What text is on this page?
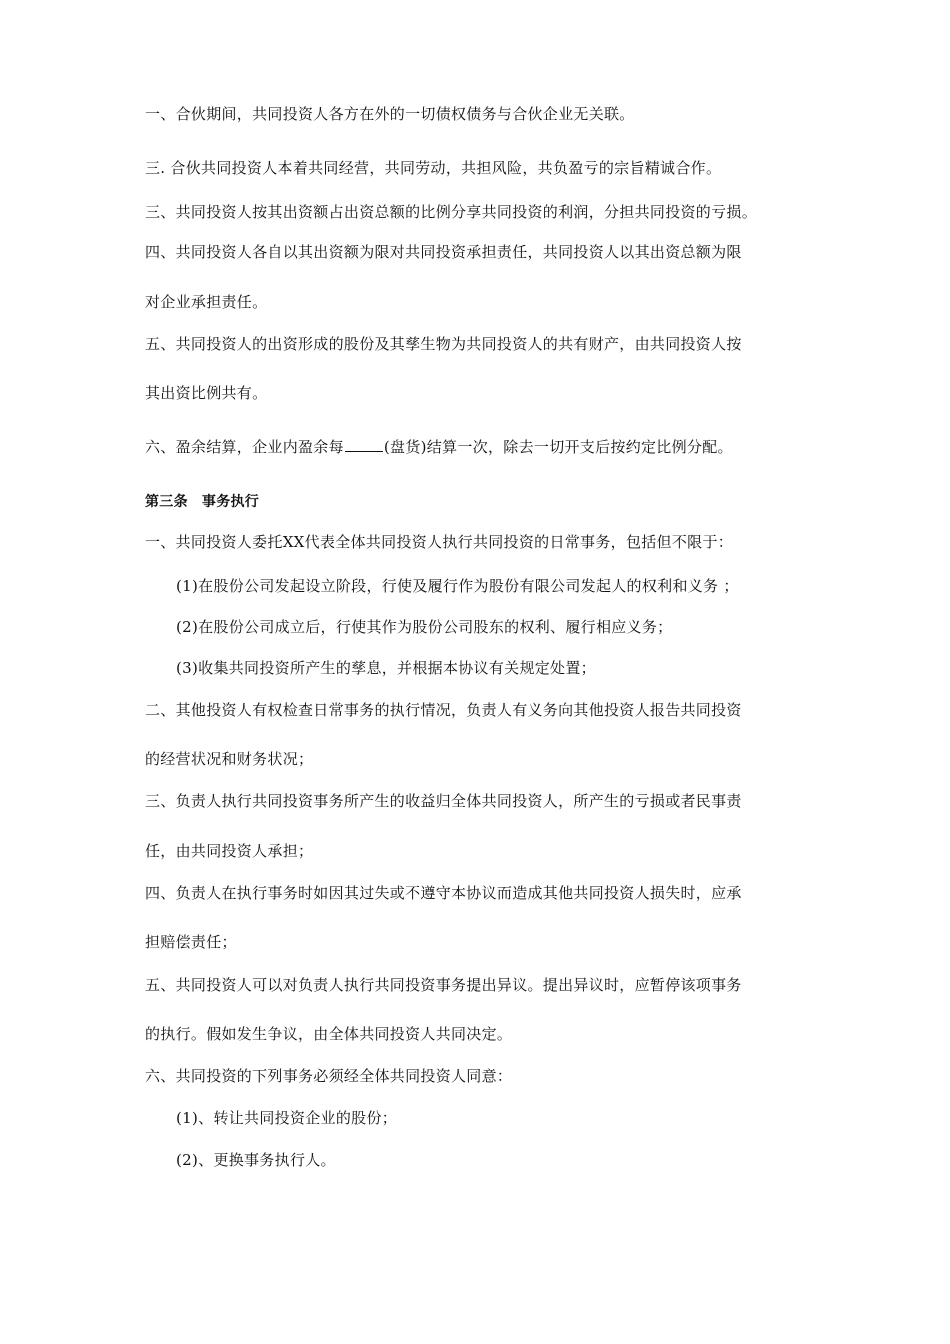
一、合伙期间，共同投资人各方在外的一切债权债务与合伙企业无关联。
三. 合伙共同投资人本着共同经营，共同劳动，共担风险，共负盈亏的宗旨精诚合作。
三、共同投资人按其出资额占出资总额的比例分享共同投资的利润，分担共同投资的亏损。
四、共同投资人各自以其出资额为限对共同投资承担责任，共同投资人以其出资总额为限
对企业承担责任。
五、共同投资人的出资形成的股份及其孳生物为共同投资人的共有财产，由共同投资人按
其出资比例共有。
六、盈余结算，企业内盈余每	(盘货)结算一次，除去一切开支后按约定比例分配。
第三条 事务执行
一、共同投资人委托XX代表全体共同投资人执行共同投资的日常事务，包括但不限于：
(1)在股份公司发起设立阶段，行使及履行作为股份有限公司发起人的权利和义务 ；
(2)在股份公司成立后，行使其作为股份公司股东的权利、履行相应义务；
(3)收集共同投资所产生的孳息，并根据本协议有关规定处置；
二、其他投资人有权检查日常事务的执行情况，负责人有义务向其他投资人报告共同投资
的经营状况和财务状况；
三、负责人执行共同投资事务所产生的收益归全体共同投资人，所产生的亏损或者民事责
任，由共同投资人承担；
四、负责人在执行事务时如因其过失或不遵守本协议而造成其他共同投资人损失时，应承
担赔偿责任；
五、共同投资人可以对负责人执行共同投资事务提出异议。提出异议时，应暂停该项事务
的执行。假如发生争议，由全体共同投资人共同决定。
六、共同投资的下列事务必须经全体共同投资人同意：
(1)、转让共同投资企业的股份；
(2)、更换事务执行人。
